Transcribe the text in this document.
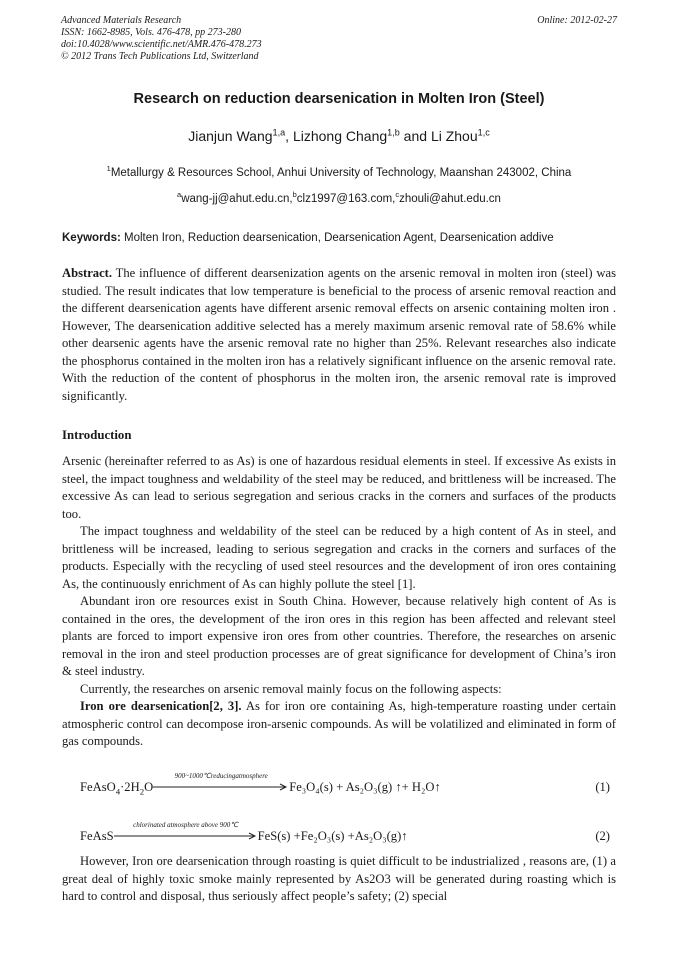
Advanced Materials Research
ISSN: 1662-8985, Vols. 476-478, pp 273-280
doi:10.4028/www.scientific.net/AMR.476-478.273
© 2012 Trans Tech Publications Ltd, Switzerland
Online: 2012-02-27
Research on reduction dearsenication in Molten Iron (Steel)
Jianjun Wang$^{1,a}$, Lizhong Chang$^{1,b}$ and Li Zhou$^{1,c}$
$^1$Metallurgy & Resources School, Anhui University of Technology, Maanshan 243002, China
$^a$wang-jj@ahut.edu.cn,$^b$clz1997@163.com,$^c$zhouli@ahut.edu.cn
Keywords: Molten Iron, Reduction dearsenication, Dearsenication Agent, Dearsenication addive
Abstract. The influence of different dearsenization agents on the arsenic removal in molten iron (steel) was studied. The result indicates that low temperature is beneficial to the process of arsenic removal reaction and the different dearsenication agents have different arsenic removal effects on arsenic containing molten iron . However, The dearsenication additive selected has a merely maximum arsenic removal rate of 58.6% while other dearsenic agents have the arsenic removal rate no higher than 25%. Relevant researches also indicate the phosphorus contained in the molten iron has a relatively significant influence on the arsenic removal rate. With the reduction of the content of phosphorus in the molten iron, the arsenic removal rate is improved significantly.
Introduction

Arsenic (hereinafter referred to as As) is one of hazardous residual elements in steel. If excessive As exists in steel, the impact toughness and weldability of the steel may be reduced, and brittleness will be increased. The excessive As can lead to serious segregation and serious cracks in the corners and surfaces of the products too.

The impact toughness and weldability of the steel can be reduced by a high content of As in steel, and brittleness will be increased, leading to serious segregation and cracks in the corners and surfaces of the products. Especially with the recycling of used steel resources and the development of iron ores containing As, the continuously enrichment of As can highly pollute the steel [1].

Abundant iron ore resources exist in South China. However, because relatively high content of As is contained in the ores, the development of the iron ores in this region has been affected and relevant steel plants are forced to import expensive iron ores from other countries. Therefore, the researches on arsenic removal in the iron and steel production processes are of great significance for development of China’s iron & steel industry.

Currently, the researches on arsenic removal mainly focus on the following aspects:

Iron ore dearsenication[2, 3]. As for iron ore containing As, high-temperature roasting under certain atmospheric control can decompose iron-arsenic compounds. As will be volatilized and eliminated in form of gas compounds.

$FeAsO_4\cdot 2H_2O$
900~1000℃reducingatmosphere
Fe₃O₄(s) + As₂O₃(g) ↑+ H₂O↑	(1)
FeAsS
chlorinated atmosphere above 900℃
FeS(s) +Fe₂O₃(s) +As₂O₃(g)↑	(2)

However, Iron ore dearsenication through roasting is quiet difficult to be industrialized , reasons are, (1) a great deal of highly toxic smoke mainly represented by As2O3 will be generated during roasting which is hard to control and disposal, thus seriously affect people’s safety; (2) special
